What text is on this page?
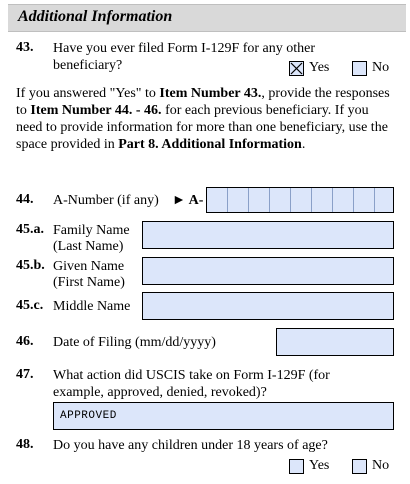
Additional Information
43. Have you ever filed Form I-129F for any other beneficiary?	Yes	No
If you answered "Yes" to Item Number 43., provide the responses to Item Number 44. - 46. for each previous beneficiary. If you need to provide information for more than one beneficiary, use the space provided in Part 8. Additional Information.
44. A-Number (if any) ► A-
45.a. Family Name
(Last Name)
45.b. Given Name
(First Name)
45.c. Middle Name
46. Date of Filing (mm/dd/yyyy)
47. What action did USCIS take on Form I-129F (for example, approved, denied, revoked)?
APPROVED
48. Do you have any children under 18 years of age?
Yes	No
